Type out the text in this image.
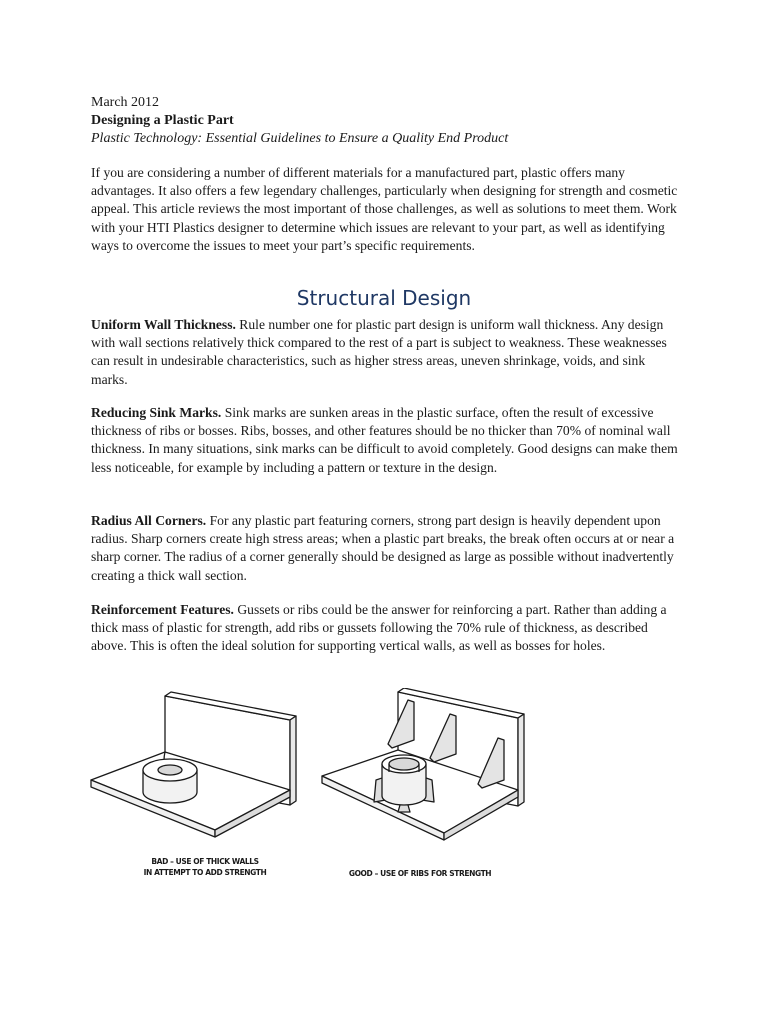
March 2012
Designing a Plastic Part
Plastic Technology: Essential Guidelines to Ensure a Quality End Product

If you are considering a number of different materials for a manufactured part, plastic offers many advantages. It also offers a few legendary challenges, particularly when designing for strength and cosmetic appeal. This article reviews the most important of those challenges, as well as solutions to meet them. Work with your HTI Plastics designer to determine which issues are relevant to your part, as well as identifying ways to overcome the issues to meet your part’s specific requirements.

Structural Design

Uniform Wall Thickness. Rule number one for plastic part design is uniform wall thickness. Any design with wall sections relatively thick compared to the rest of a part is subject to weakness. These weaknesses can result in undesirable characteristics, such as higher stress areas, uneven shrinkage, voids, and sink marks.

Reducing Sink Marks. Sink marks are sunken areas in the plastic surface, often the result of excessive thickness of ribs or bosses. Ribs, bosses, and other features should be no thicker than 70% of nominal wall thickness. In many situations, sink marks can be difficult to avoid completely. Good designs can make them less noticeable, for example by including a pattern or texture in the design.

Radius All Corners. For any plastic part featuring corners, strong part design is heavily dependent upon radius. Sharp corners create high stress areas; when a plastic part breaks, the break often occurs at or near a sharp corner. The radius of a corner generally should be designed as large as possible without inadvertently creating a thick wall section.

Reinforcement Features. Gussets or ribs could be the answer for reinforcing a part. Rather than adding a thick mass of plastic for strength, add ribs or gussets following the 70% rule of thickness, as described above. This is often the ideal solution for supporting vertical walls, as well as bosses for holes.

BAD – USE OF THICK WALLS
IN ATTEMPT TO ADD STRENGTH	GOOD – USE OF RIBS FOR STRENGTH
